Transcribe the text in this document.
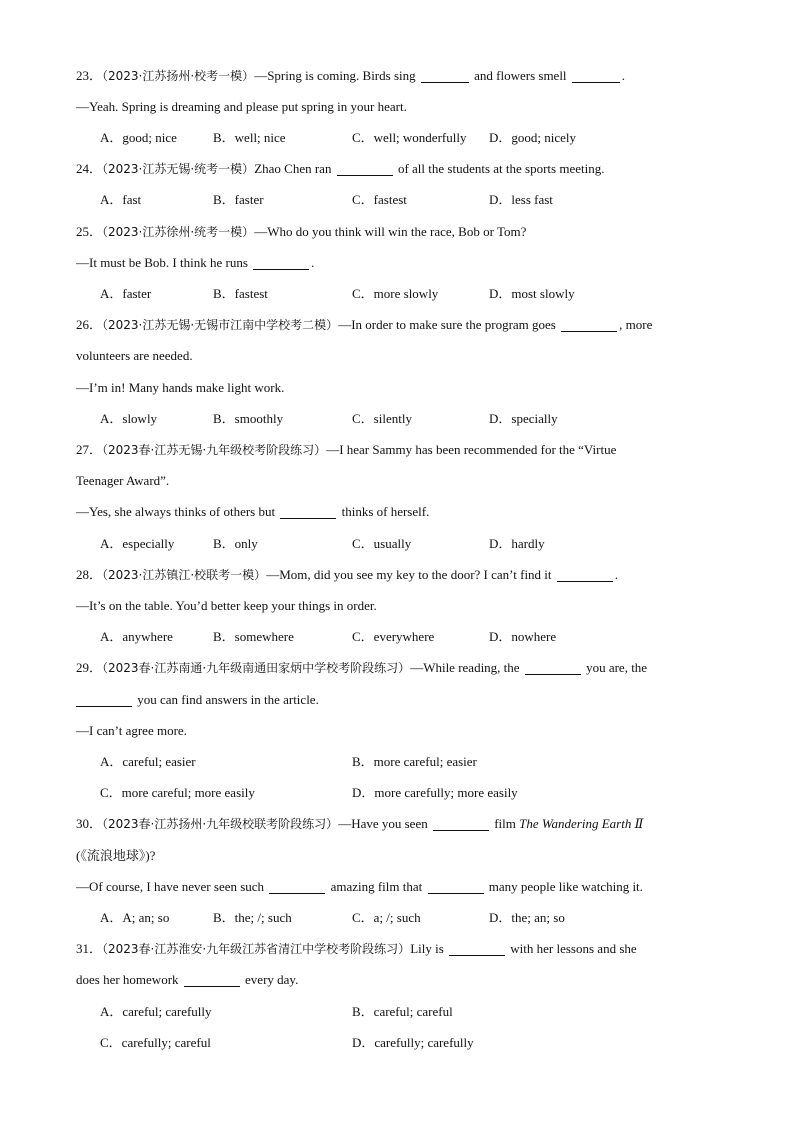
23．（2023·江苏扬州·校考一模）—Spring is coming. Birds sing	and flowers smell	.
—Yeah. Spring is dreaming and please put spring in your heart.
A．good; nice	B．well; nice	C．well; wonderfully D．good; nicely
24．（2023·江苏无锡·统考一模）Zhao Chen ran	of all the students at the sports meeting.
A．fast	B．faster	C．fastest	D．less fast
25．（2023·江苏徐州·统考一模）—Who do you think will win the race, Bob or Tom?
—It must be Bob. I think he runs	.
A．faster	B．fastest	C．more slowly	D．most slowly
26．（2023·江苏无锡·无锡市江南中学校考二模）—In order to make sure the program goes	, more
volunteers are needed.
—I’m in! Many hands make light work.
A．slowly	B．smoothly	C．silently	D．specially
27．（2023春·江苏无锡·九年级校考阶段练习）—I hear Sammy has been recommended for the “Virtue
Teenager Award”.
—Yes, she always thinks of others but	thinks of herself.
A．especially	B．only	C．usually	D．hardly
28．（2023·江苏镇江·校联考一模）—Mom, did you see my key to the door? I can’t find it	.
—It’s on the table. You’d better keep your things in order.
A．anywhere	B．somewhere	C．everywhere	D．nowhere
29．（2023春·江苏南通·九年级南通田家炳中学校考阶段练习）—While reading, the	you are, the
you can find answers in the article.
—I can’t agree more.
A．careful; easier	B．more careful; easier
C．more careful; more easily	D．more carefully; more easily
30．（2023春·江苏扬州·九年级校联考阶段练习）—Have you seen	film The Wandering Earth Ⅱ
(《流浪地球》)?
—Of course, I have never seen such	amazing film that	many people like watching it.
A．A; an; so	B．the; /; such	C．a; /; such	D．the; an; so
31．（2023春·江苏淮安·九年级江苏省清江中学校考阶段练习）Lily is	with her lessons and she
does her homework	every day.
A．careful; carefully	B．careful; careful
C．carefully; careful	D．carefully; carefully
